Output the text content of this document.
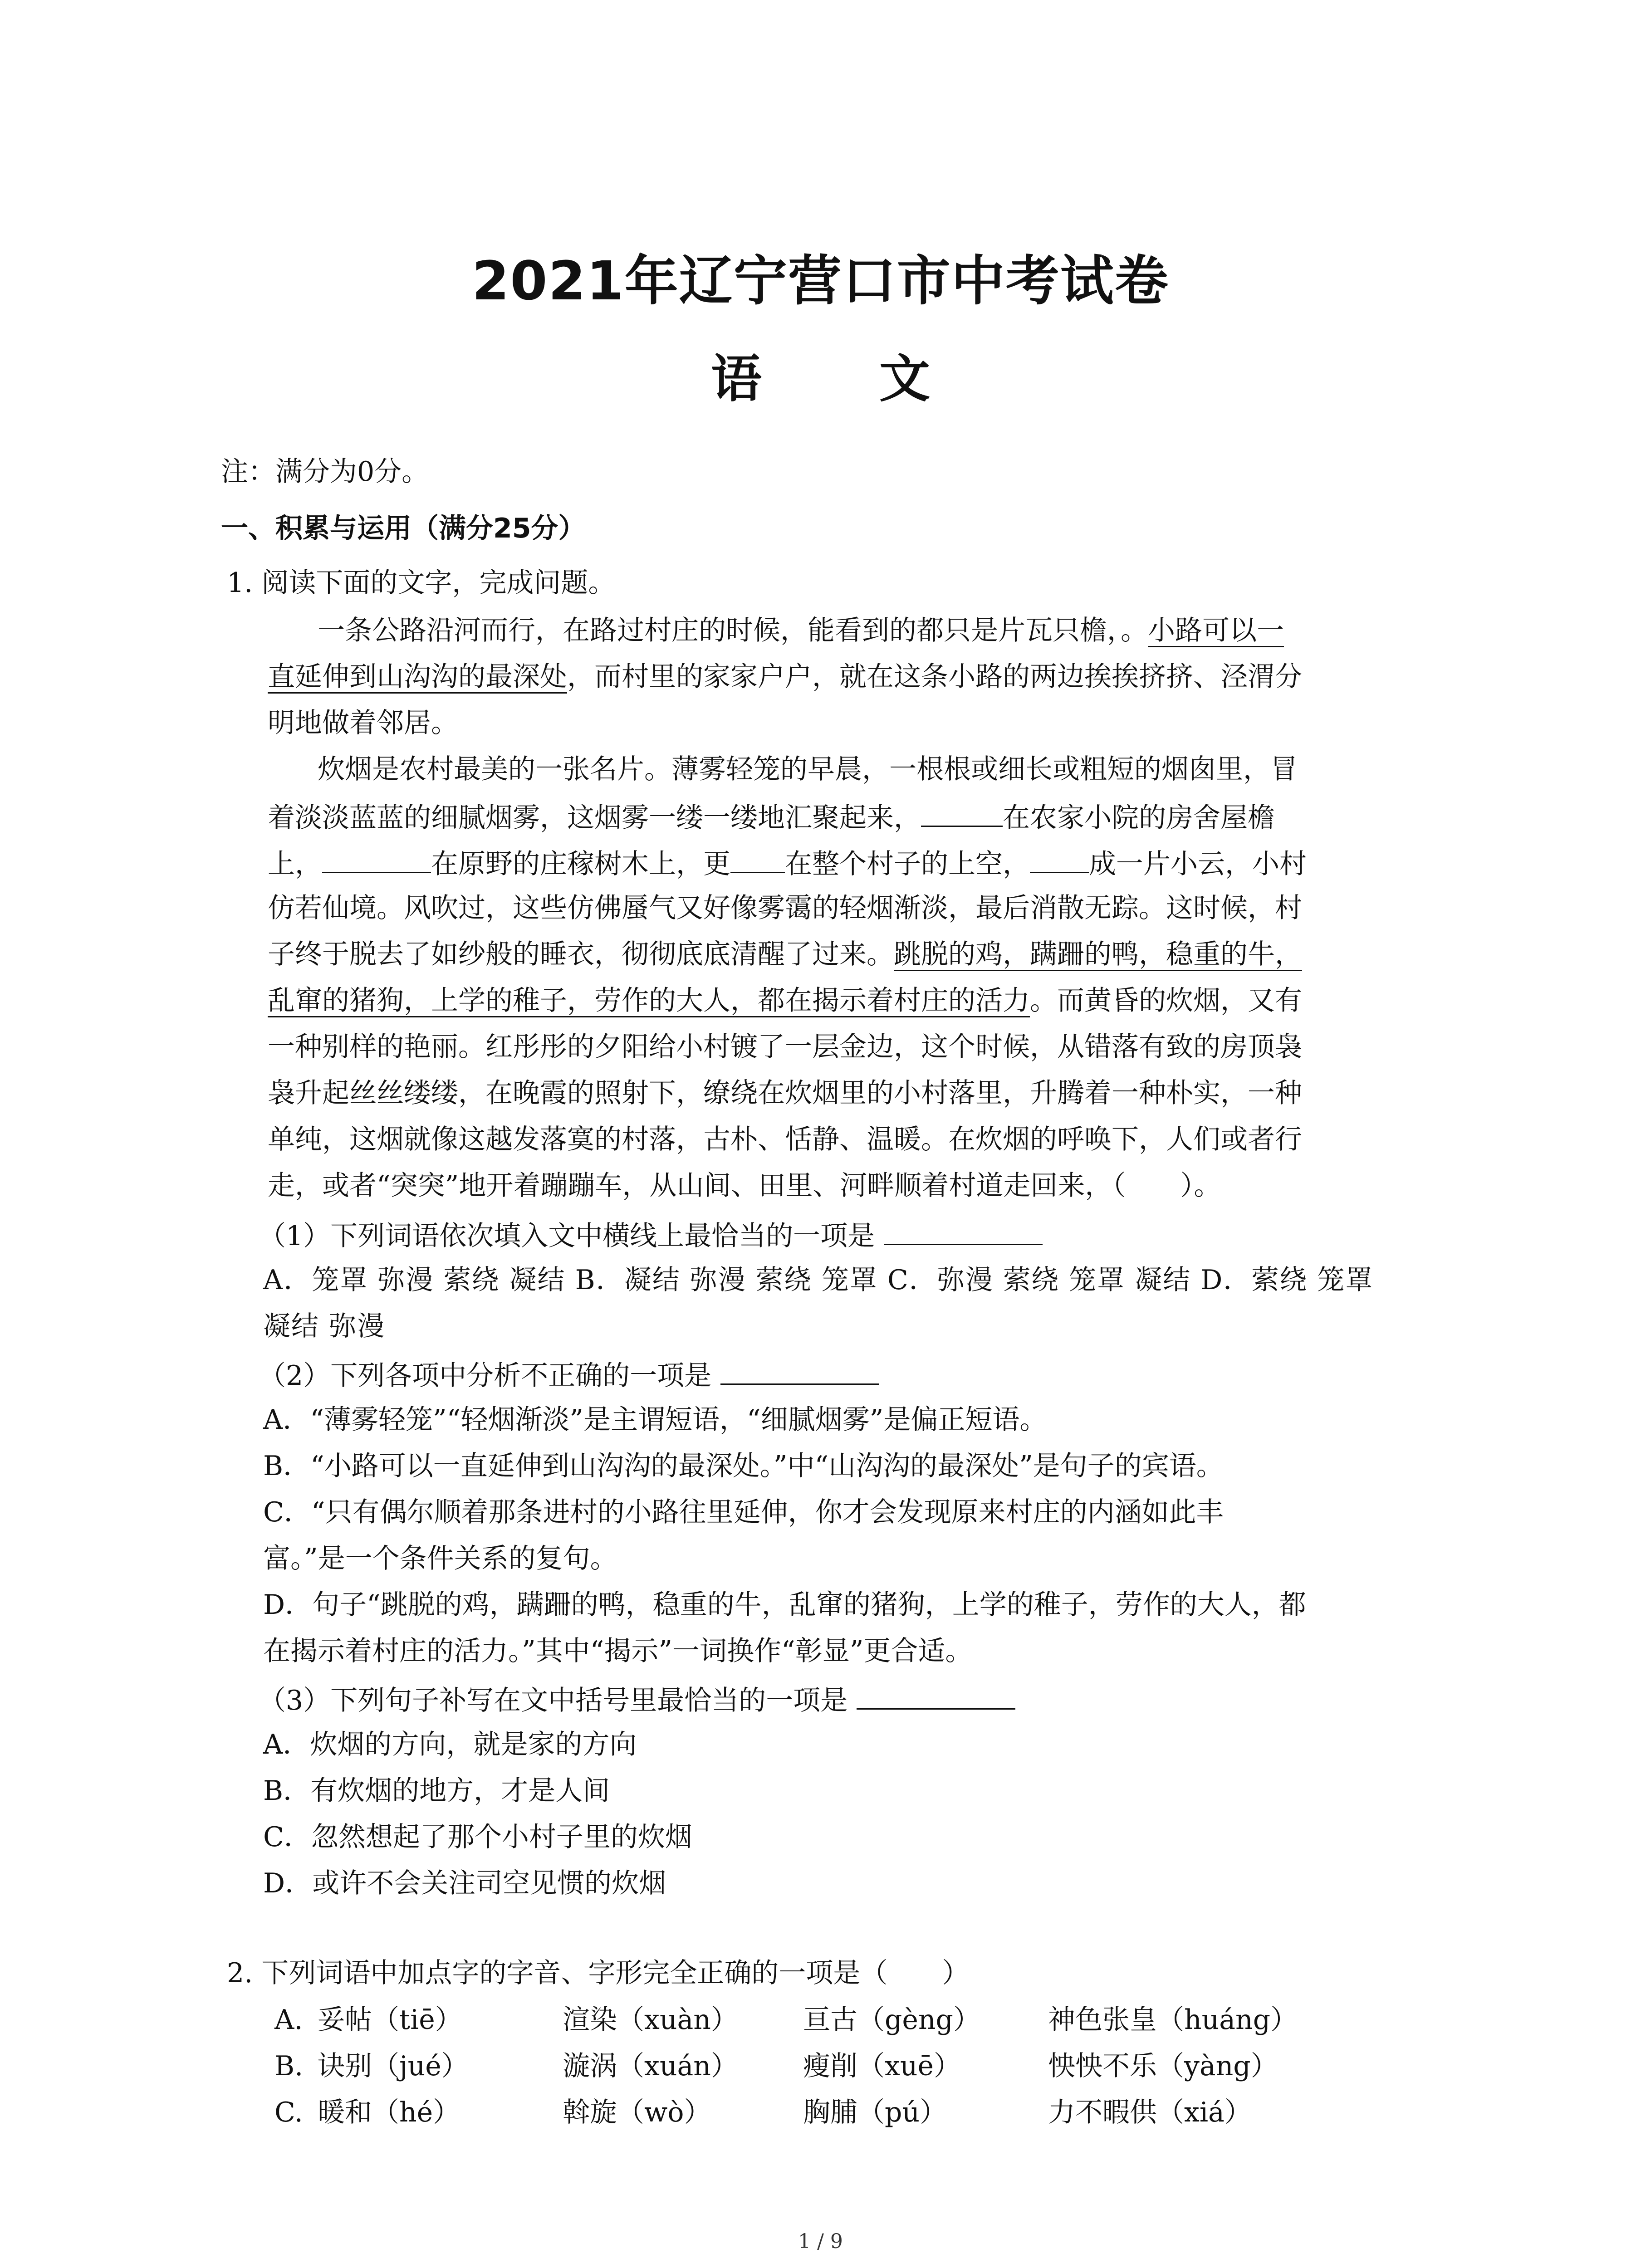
2021年辽宁营口市中考试卷
语 文
注：满分为0分。
一、积累与运用（满分25分）
1. 阅读下面的文字，完成问题。
一条公路沿河而行，在路过村庄的时候，能看到的都只是片瓦只檐，。小路可以一
直延伸到山沟沟的最深处，而村里的家家户户，就在这条小路的两边挨挨挤挤、泾渭分
明地做着邻居。
炊烟是农村最美的一张名片。薄雾轻笼的早晨，一根根或细长或粗短的烟囱里，冒
着淡淡蓝蓝的细腻烟雾，这烟雾一缕一缕地汇聚起来，	在农家小院的房舍屋檐
上，	在原野的庄稼树木上，更 在整个村子的上空， 成一片小云，小村
仿若仙境。风吹过，这些仿佛蜃气又好像雾霭的轻烟渐淡，最后消散无踪。这时候，村
子终于脱去了如纱般的睡衣，彻彻底底清醒了过来。跳脱的鸡，蹒跚的鸭，稳重的牛，
乱窜的猪狗，上学的稚子，劳作的大人，都在揭示着村庄的活力。而黄昏的炊烟，又有
一种别样的艳丽。红彤彤的夕阳给小村镀了一层金边，这个时候，从错落有致的房顶袅
袅升起丝丝缕缕，在晚霞的照射下，缭绕在炊烟里的小村落里，升腾着一种朴实，一种
单纯，这烟就像这越发落寞的村落，古朴、恬静、温暖。在炊烟的呼唤下，人们或者行
走，或者“突突”地开着蹦蹦车，从山间、田里、河畔顺着村道走回来，（　　）。
（1）下列词语依次填入文中横线上最恰当的一项是
A．笼罩 弥漫 萦绕 凝结 B．凝结 弥漫 萦绕 笼罩 C．弥漫 萦绕 笼罩 凝结 D．萦绕 笼罩
凝结 弥漫
（2）下列各项中分析不正确的一项是
A．“薄雾轻笼”“轻烟渐淡”是主谓短语，“细腻烟雾”是偏正短语。
B．“小路可以一直延伸到山沟沟的最深处。”中“山沟沟的最深处”是句子的宾语。
C．“只有偶尔顺着那条进村的小路往里延伸，你才会发现原来村庄的内涵如此丰
富。”是一个条件关系的复句。
D．句子“跳脱的鸡，蹒跚的鸭，稳重的牛，乱窜的猪狗，上学的稚子，劳作的大人，都
在揭示着村庄的活力。”其中“揭示”一词换作“彰显”更合适。
（3）下列句子补写在文中括号里最恰当的一项是
A．炊烟的方向，就是家的方向
B．有炊烟的地方，才是人间
C．忽然想起了那个小村子里的炊烟
D．或许不会关注司空见惯的炊烟
2. 下列词语中加点字的字音、字形完全正确的一项是（　　）
A. 妥帖（tiē）	渲染（xuàn） 亘古（gèng） 神色张皇（huáng）
B. 诀别（jué）	漩涡（xuán） 瘦削（xuē）	怏怏不乐（yàng）
C. 暖和（hé）	斡旋（wò）	胸脯（pú）	力不暇供（xiá）
1 / 9
